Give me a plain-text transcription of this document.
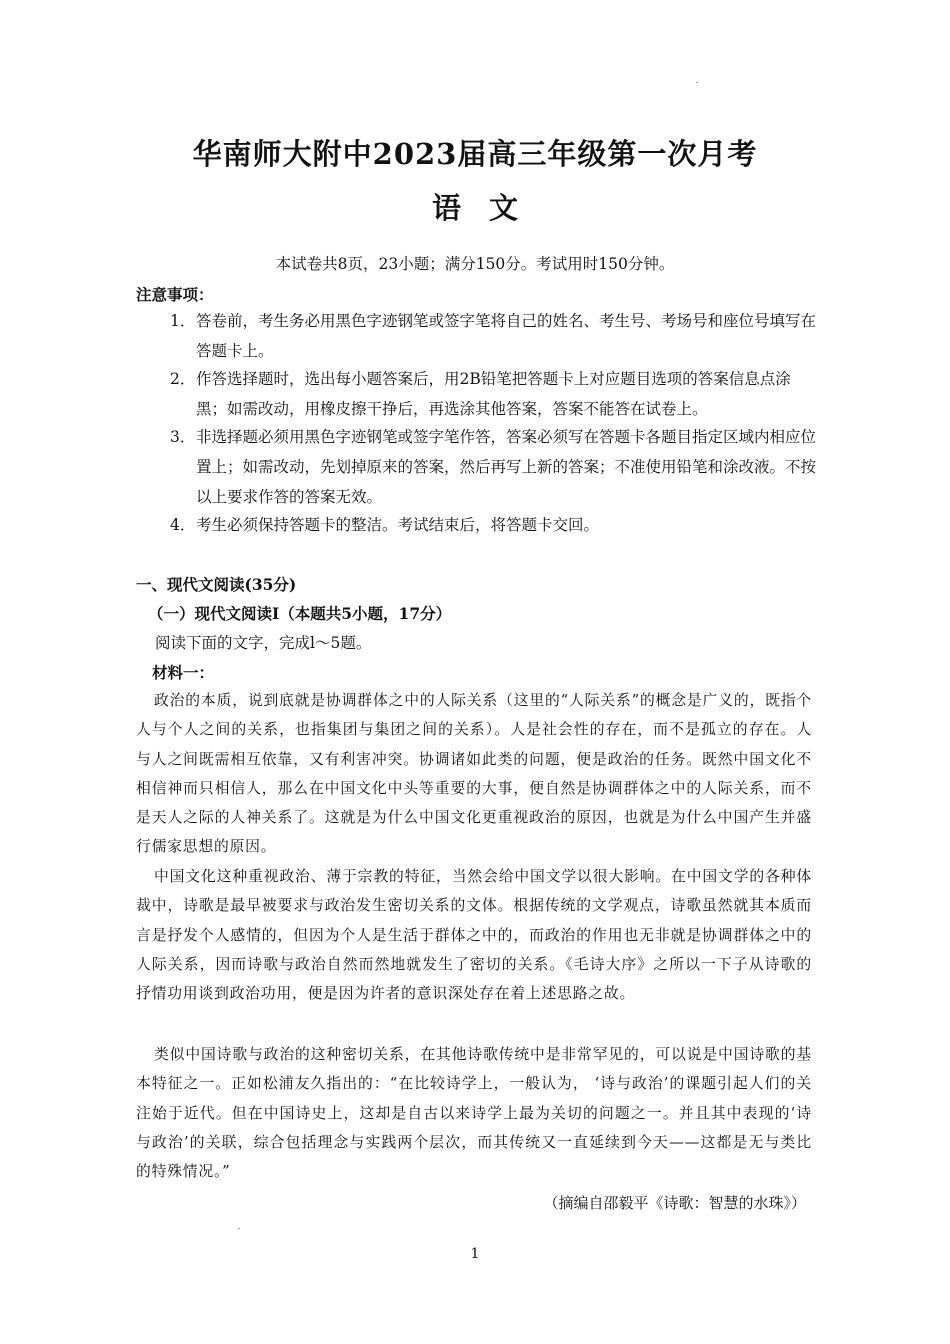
华南师大附中2023届高三年级第一次月考
语文
本试卷共8页，23小题；满分150分。考试用时150分钟。
注意事项：
1． 答卷前，考生务必用黑色字迹钢笔或签字笔将自己的姓名、考生号、考场号和座位号填写在答题卡上。
2． 作答选择题时，选出每小题答案后，用2B铅笔把答题卡上对应题目选项的答案信息点涂黑；如需改动，用橡皮擦干挣后，再选涂其他答案，答案不能答在试卷上。
3． 非选择题必须用黑色字迹钢笔或签字笔作答，答案必须写在答题卡各题目指定区域内相应位置上；如需改动，先划掉原来的答案，然后再写上新的答案；不准使用铅笔和涂改液。不按以上要求作答的答案无效。
4． 考生必须保持答题卡的整洁。考试结束后，将答题卡交回。
一、现代文阅读(35分)
（一）现代文阅读Ⅰ（本题共5小题，17分）
阅读下面的文字，完成l～5题。
材料一：
政治的本质，说到底就是协调群体之中的人际关系（这里的“人际关系”的概念是广义的，既指个人与个人之间的关系，也指集团与集团之间的关系）。人是社会性的存在，而不是孤立的存在。人与人之间既需相互依靠，又有利害冲突。协调诸如此类的问题，便是政治的任务。既然中国文化不相信神而只相信人，那么在中国文化中头等重要的大事，便自然是协调群体之中的人际关系，而不是天人之际的人神关系了。这就是为什么中国文化更重视政治的原因，也就是为什么中国产生并盛行儒家思想的原因。
中国文化这种重视政治、薄于宗教的特征，当然会给中国文学以很大影响。在中国文学的各种体裁中，诗歌是最早被要求与政治发生密切关系的文体。根据传统的文学观点，诗歌虽然就其本质而言是抒发个人感情的，但因为个人是生活于群体之中的，而政治的作用也无非就是协调群体之中的人际关系，因而诗歌与政治自然而然地就发生了密切的关系。《毛诗大序》之所以一下子从诗歌的抒情功用谈到政治功用，便是因为许者的意识深处存在着上述思路之故。
类似中国诗歌与政治的这种密切关系，在其他诗歌传统中是非常罕见的，可以说是中国诗歌的基本特征之一。正如松浦友久指出的：“在比较诗学上，一般认为， ‘诗与政治’的课题引起人们的关注始于近代。但在中国诗史上，这却是自古以来诗学上最为关切的问题之一。并且其中表现的‘诗与政治’的关联，综合包括理念与实践两个层次，而其传统又一直延续到今天——这都是无与类比的特殊情况。”
（摘编自邵毅平《诗歌：智慧的水珠》）
1
